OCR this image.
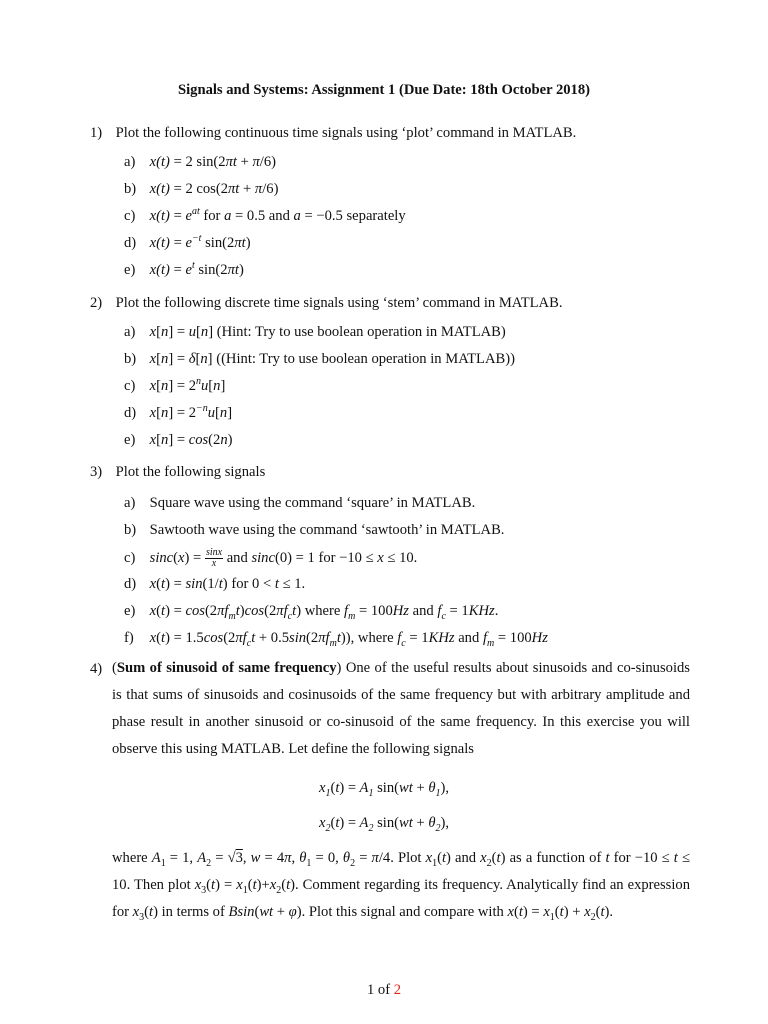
Signals and Systems: Assignment 1 (Due Date: 18th October 2018)
1) Plot the following continuous time signals using ‘plot’ command in MATLAB.
a) x(t) = 2 sin(2πt + π/6)
b) x(t) = 2 cos(2πt + π/6)
c) $x(t) = e^{at}$ for a = 0.5 and a = −0.5 separately
d) $x(t) = e^{-t}$ sin(2πt)
e) $x(t) = e^t$ sin(2πt)
2) Plot the following discrete time signals using ‘stem’ command in MATLAB.
a) x[n] = u[n] (Hint: Try to use boolean operation in MATLAB)
b) x[n] = δ[n] ((Hint: Try to use boolean operation in MATLAB))
c) $x[n] = 2^nu[n]$
d) $x[n] = 2^{-n}u[n]$
e) x[n] = cos(2n)
3) Plot the following signals
a) Square wave using the command ‘square’ in MATLAB.
b) Sawtooth wave using the command ‘sawtooth’ in MATLAB.
c) $\sin c(x) = \frac{\sin x}{x}$ and sinc(0) = 1 for −10 ≤ x ≤ 10.
d) x(t) = sin(1/t) for 0 < t ≤ 1.
e) $x(t) = \cos(2\pi f_mt)\cos(2\pi f_ct)$ where $f_m = 100Hz$ and $f_c = 1KHz$.
f) $x(t) = 1.5\cos(2\pi f_ct + 0.5\sin(2\pi f_mt))$, where $f_c = 1KHz$ and $f_m = 100Hz$
4) (Sum of sinusoid of same frequency) One of the useful results about sinusoids and co-sinusoids is that sums of sinusoids and cosinusoids of the same frequency but with arbitrary amplitude and phase result in another sinusoid or co-sinusoid of the same frequency. In this exercise you will observe this using MATLAB. Let define the following signals
$x_1(t) = A_1$ $\sin(wt + \theta_1)$,
$x_2(t) = A_2$ $\sin(wt + \theta_2)$,
where $A_1 = 1$, $A_2 = √3$, w = 4π, $\theta_1 = 0$, $\theta_2 = \pi/4$. Plot $x_1(t)$ and $x_2(t)$ as a function of t for −10 ≤ t ≤ 10. Then plot $x_3(t) = x_1(t)+x_2(t)$. Comment regarding its frequency. Analytically find an expression for $x_3(t)$ in terms of Bsin(wt + φ). Plot this signal and compare with $x(t) = x_1(t) + x_2(t)$.
1 of 2
